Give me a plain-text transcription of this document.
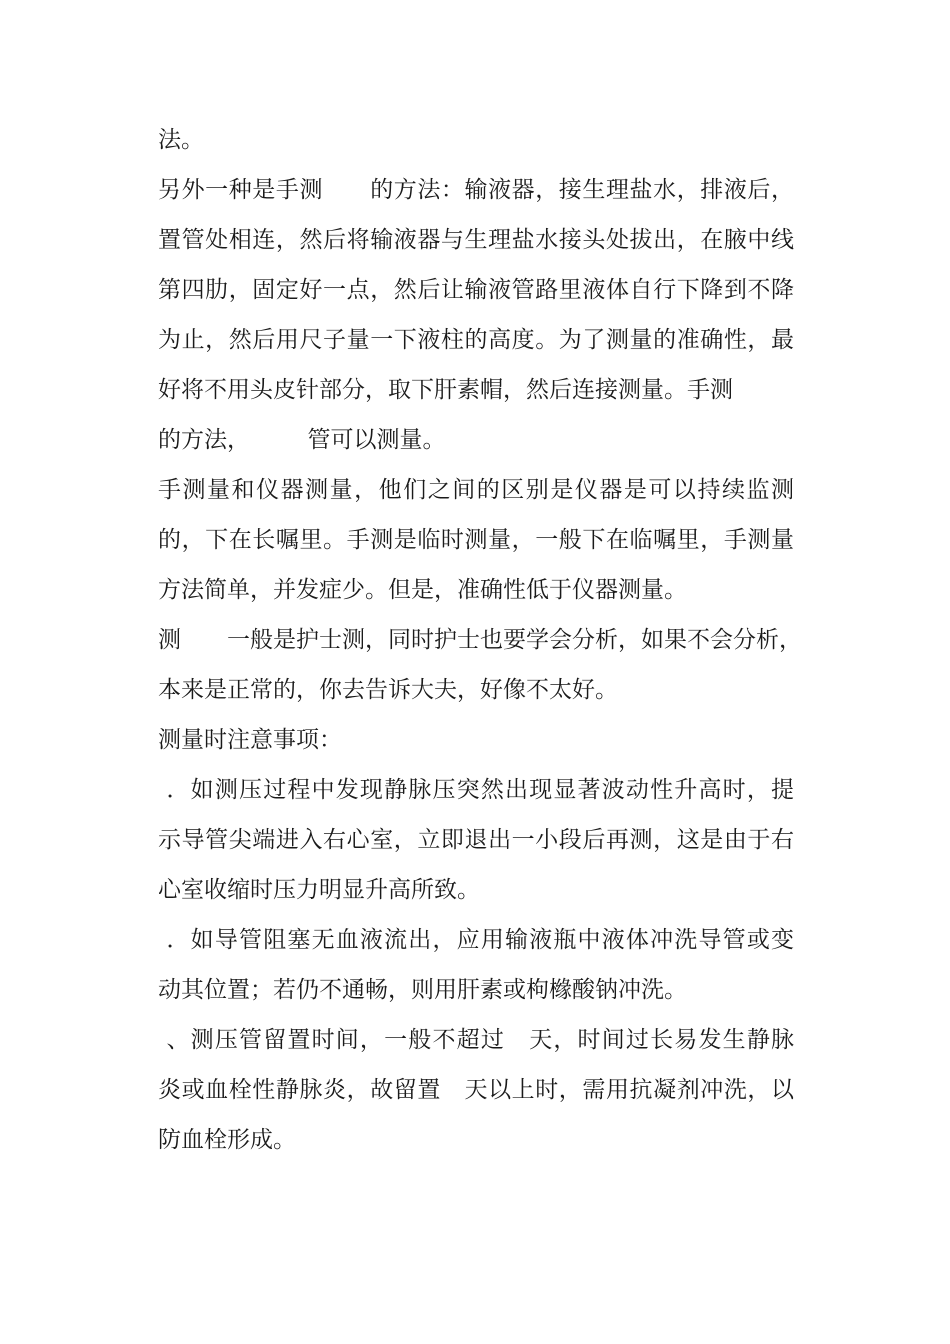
法。
另外一种是手测　　的方法：输液器，接生理盐水，排液后，
置管处相连，然后将输液器与生理盐水接头处拔出，在腋中线
第四肋，固定好一点，然后让输液管路里液体自行下降到不降
为止，然后用尺子量一下液柱的高度。为了测量的准确性，最
好将不用头皮针部分，取下肝素帽，然后连接测量。手测
的方法，　　　管可以测量。
手测量和仪器测量，他们之间的区别是仪器是可以持续监测
的，下在长嘱里。手测是临时测量，一般下在临嘱里，手测量
方法简单，并发症少。但是，准确性低于仪器测量。
测　　一般是护士测，同时护士也要学会分析，如果不会分析，
本来是正常的，你去告诉大夫，好像不太好。
测量时注意事项：
．如测压过程中发现静脉压突然出现显著波动性升高时，提
示导管尖端进入右心室，立即退出一小段后再测，这是由于右
心室收缩时压力明显升高所致。
．如导管阻塞无血液流出，应用输液瓶中液体冲洗导管或变
动其位置；若仍不通畅，则用肝素或枸橼酸钠冲洗。
、测压管留置时间，一般不超过　天，时间过长易发生静脉
炎或血栓性静脉炎，故留置　天以上时，需用抗凝剂冲洗，以
防血栓形成。
